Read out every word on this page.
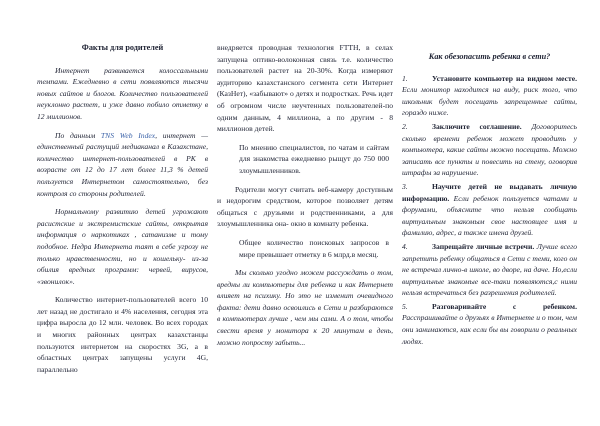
Факты для родителей

Интернет развивается колоссальными темпами. Ежедневно в сети появляются тысячи новых сайтов и блогов. Количество пользователей неуклонно растет, и уже давно побило отметку в 12 миллионов.

По данным TNS Web Index, интернет — единственный растущий медиаканал в Казахстане, количество интернет-пользователей в РК в возрасте от 12 до 17 лет более 11,3 % детей пользуется Интернетом самостоятельно, без контроля со стороны родителей.

Нормальному развитию детей угрожают расистские и экстремистские сайты, открытая информация о наркотиках , сатанизме и тому подобное. Недра Интернета таят в себе угрозу не только нравственности, но и кошельку- из-за обилия вредных программ: червей, вирусов, «звонилок».

Количество интернет-пользователей всего 10 лет назад не достигало и 4% населения, сегодня эта цифра выросла до 12 млн. человек. Во всех городах и многих районных центрах казахстанцы пользуются интернетом на скоростях 3G, а в областных центрах запущены услуги 4G, параллельно

внедряется проводная технология FTTH, в селах запущена оптико-волоконная связь т.е. количество пользователей растет на 20-30%. Когда измеряют аудиторию казахстанского сегмента сети Интернет (КазНет), «забывают» о детях и подростках. Речь идет об огромном числе неучтенных пользователей-по одним данным, 4 миллиона, а по другим - 8 миллионов детей.

По мнению специалистов, по чатам и сайтам для знакомства ежедневно рыщут до 750 000 злоумышленников.

Родители могут считать веб-камеру доступным и недорогим средством, которое позволяет детям общаться с друзьями и родственниками, а для злоумышленника она- окно в комнату ребенка.

Общее количество поисковых запросов в мире превышает отметку в 6 млрд.в месяц.

Мы сколько угодно можем рассуждать о том, вредны ли компьютеры для ребенка и как Интернет влияет на психику. Но это не изменит очевидного факта: дети давно освоились в Сети и разбираются в компьютерах лучше , чем мы сами. А о том, чтобы свести время у монитора к 20 минутам в день, можно попросту забыть...

Как обезопасить ребенка в сети?

1.	Установите компьютер на видном месте. Если монитор находится на виду, риск того, что школьник будет посещать запрещенные сайты, гораздо ниже.

2.	Заключите соглашение. Договоритесь сколько времени ребенок может проводить у компьютера, какие сайты можно посещать. Можно записать все пункты и повесить на стену, оговорив штрафы за нарушение.

3.	Научите детей не выдавать личную информацию. Если ребенок пользуется чатами и форумами, объясните что нельзя сообщать виртуальным знакомым свое настоящее имя и фамилию, адрес, а также имена друзей.

4.	Запрещайте личные встречи. Лучше всего запретить ребенку общаться в Сети с теми, кого он не встречал лично-в школе, во дворе, на даче. Но,если виртуальные знакомые все-таки появляются,с ними нельзя встречаться без разрешения родителей.

5.	Разговаривайте с ребенком. Расспрашивайте о друзьях в Интернете и о том, чем они занимаются, как если бы вы говорили о реальных людях.
